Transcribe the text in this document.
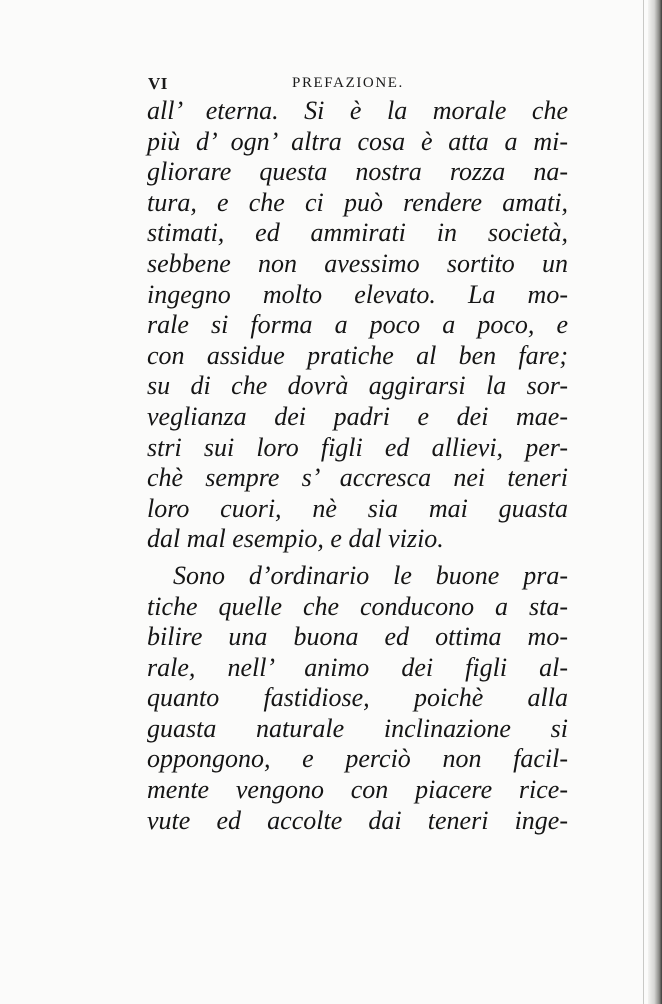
VI	PREFAZIONE.
all’ eterna. Si è la morale che
più d’ ogn’ altra cosa è atta a mi-
gliorare questa nostra rozza na-
tura, e che ci può rendere amati,
stimati, ed ammirati in società,
sebbene non avessimo sortito un
ingegno molto elevato. La mo-
rale si forma a poco a poco, e
con assidue pratiche al ben fare;
su di che dovrà aggirarsi la sor-
veglianza dei padri e dei mae-
stri sui loro figli ed allievi, per-
chè sempre s’ accresca nei teneri
loro cuori, nè sia mai guasta
dal mal esempio, e dal vizio.
Sono d’ordinario le buone pra-
tiche quelle che conducono a sta-
bilire una buona ed ottima mo-
rale, nell’ animo dei figli al-
quanto fastidiose, poichè alla
guasta naturale inclinazione si
oppongono, e perciò non facil-
mente vengono con piacere rice-
vute ed accolte dai teneri inge-
